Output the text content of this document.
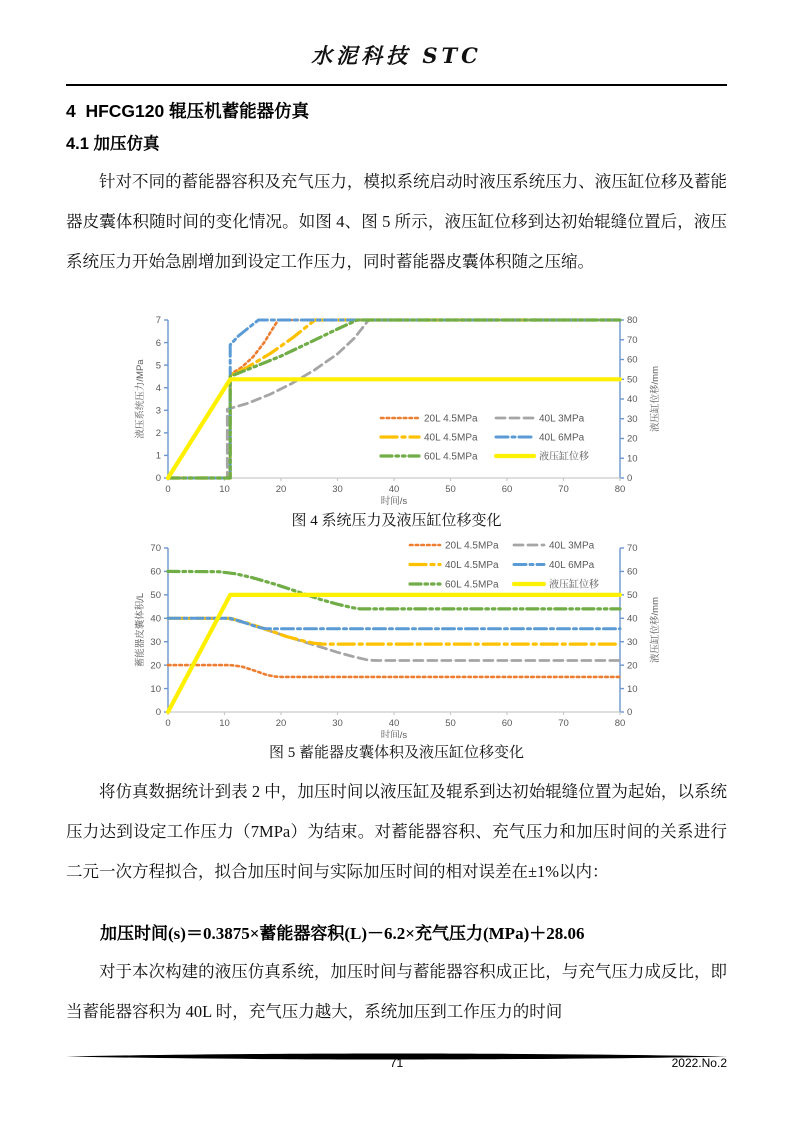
水泥科技 STC
4  HFCG120 辊压机蓄能器仿真
4.1 加压仿真
针对不同的蓄能器容积及充气压力，模拟系统启动时液压系统压力、液压缸位移及蓄能器皮囊体积随时间的变化情况。如图 4、图 5 所示，液压缸位移到达初始辊缝位置后，液压系统压力开始急剧增加到设定工作压力，同时蓄能器皮囊体积随之压缩。
0
1
2
3
4
5
6
7
0
10
20
30
40
50
60
70
80
0	10	20	30	40	50	60	70	80
液压系统压力/MPa	液压缸位移/mm
时间/s
20L 4.5MPa	40L 3MPa
40L 4.5MPa	40L 6MPa
60L 4.5MPa	液压缸位移
图 4 系统压力及液压缸位移变化
0
10
20
30
40
50
60
70
0
10
20
30
40
50
60
70
0	10	20	30	40	50	60	70	80
蓄能器皮囊体积/L	液压缸位移/mm
时间/s
20L 4.5MPa	40L 3MPa
40L 4.5MPa	40L 6MPa
60L 4.5MPa	液压缸位移
图 5 蓄能器皮囊体积及液压缸位移变化
将仿真数据统计到表 2 中，加压时间以液压缸及辊系到达初始辊缝位置为起始，以系统压力达到设定工作压力（7MPa）为结束。对蓄能器容积、充气压力和加压时间的关系进行二元一次方程拟合，拟合加压时间与实际加压时间的相对误差在±1%以内：
加压时间(s)＝0.3875×蓄能器容积(L)－6.2×充气压力(MPa)＋28.06
对于本次构建的液压仿真系统，加压时间与蓄能器容积成正比，与充气压力成反比，即当蓄能器容积为 40L 时，充气压力越大，系统加压到工作压力的时间
71	2022.No.2
